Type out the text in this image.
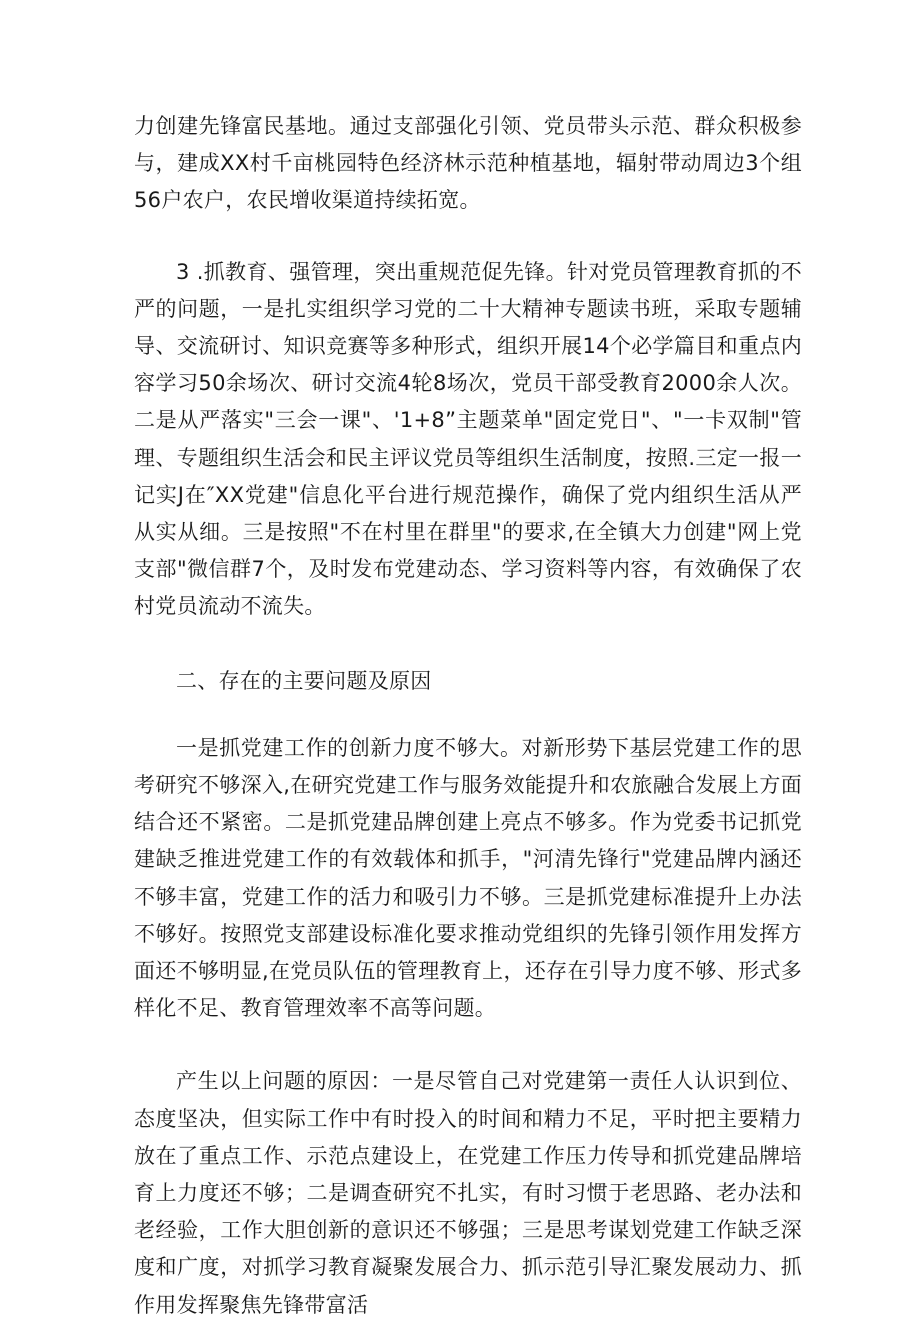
力创建先锋富民基地。通过支部强化引领、党员带头示范、群众积极参与，建成XX村千亩桃园特色经济林示范种植基地，辐射带动周边3个组56户农户，农民增收渠道持续拓宽。

3 .抓教育、强管理，突出重规范促先锋。针对党员管理教育抓的不严的问题，一是扎实组织学习党的二十大精神专题读书班，采取专题辅导、交流研讨、知识竞赛等多种形式，组织开展14个必学篇目和重点内容学习50余场次、研讨交流4轮8场次，党员干部受教育2000余人次。二是从严落实"三会一课"、'1+8”主题菜单"固定党日"、"一卡双制"管理、专题组织生活会和民主评议党员等组织生活制度，按照.三定一报一记实J在″XX党建"信息化平台进行规范操作，确保了党内组织生活从严从实从细。三是按照"不在村里在群里"的要求,在全镇大力创建"网上党支部"微信群7个，及时发布党建动态、学习资料等内容，有效确保了农村党员流动不流失。

二、存在的主要问题及原因

一是抓党建工作的创新力度不够大。对新形势下基层党建工作的思考研究不够深入,在研究党建工作与服务效能提升和农旅融合发展上方面结合还不紧密。二是抓党建品牌创建上亮点不够多。作为党委书记抓党建缺乏推进党建工作的有效载体和抓手，"河清先锋行"党建品牌内涵还不够丰富，党建工作的活力和吸引力不够。三是抓党建标准提升上办法不够好。按照党支部建设标准化要求推动党组织的先锋引领作用发挥方面还不够明显,在党员队伍的管理教育上，还存在引导力度不够、形式多样化不足、教育管理效率不高等问题。

产生以上问题的原因：一是尽管自己对党建第一责任人认识到位、态度坚决，但实际工作中有时投入的时间和精力不足，平时把主要精力放在了重点工作、示范点建设上，在党建工作压力传导和抓党建品牌培育上力度还不够；二是调查研究不扎实，有时习惯于老思路、老办法和老经验，工作大胆创新的意识还不够强；三是思考谋划党建工作缺乏深度和广度，对抓学习教育凝聚发展合力、抓示范引导汇聚发展动力、抓作用发挥聚焦先锋带富活
